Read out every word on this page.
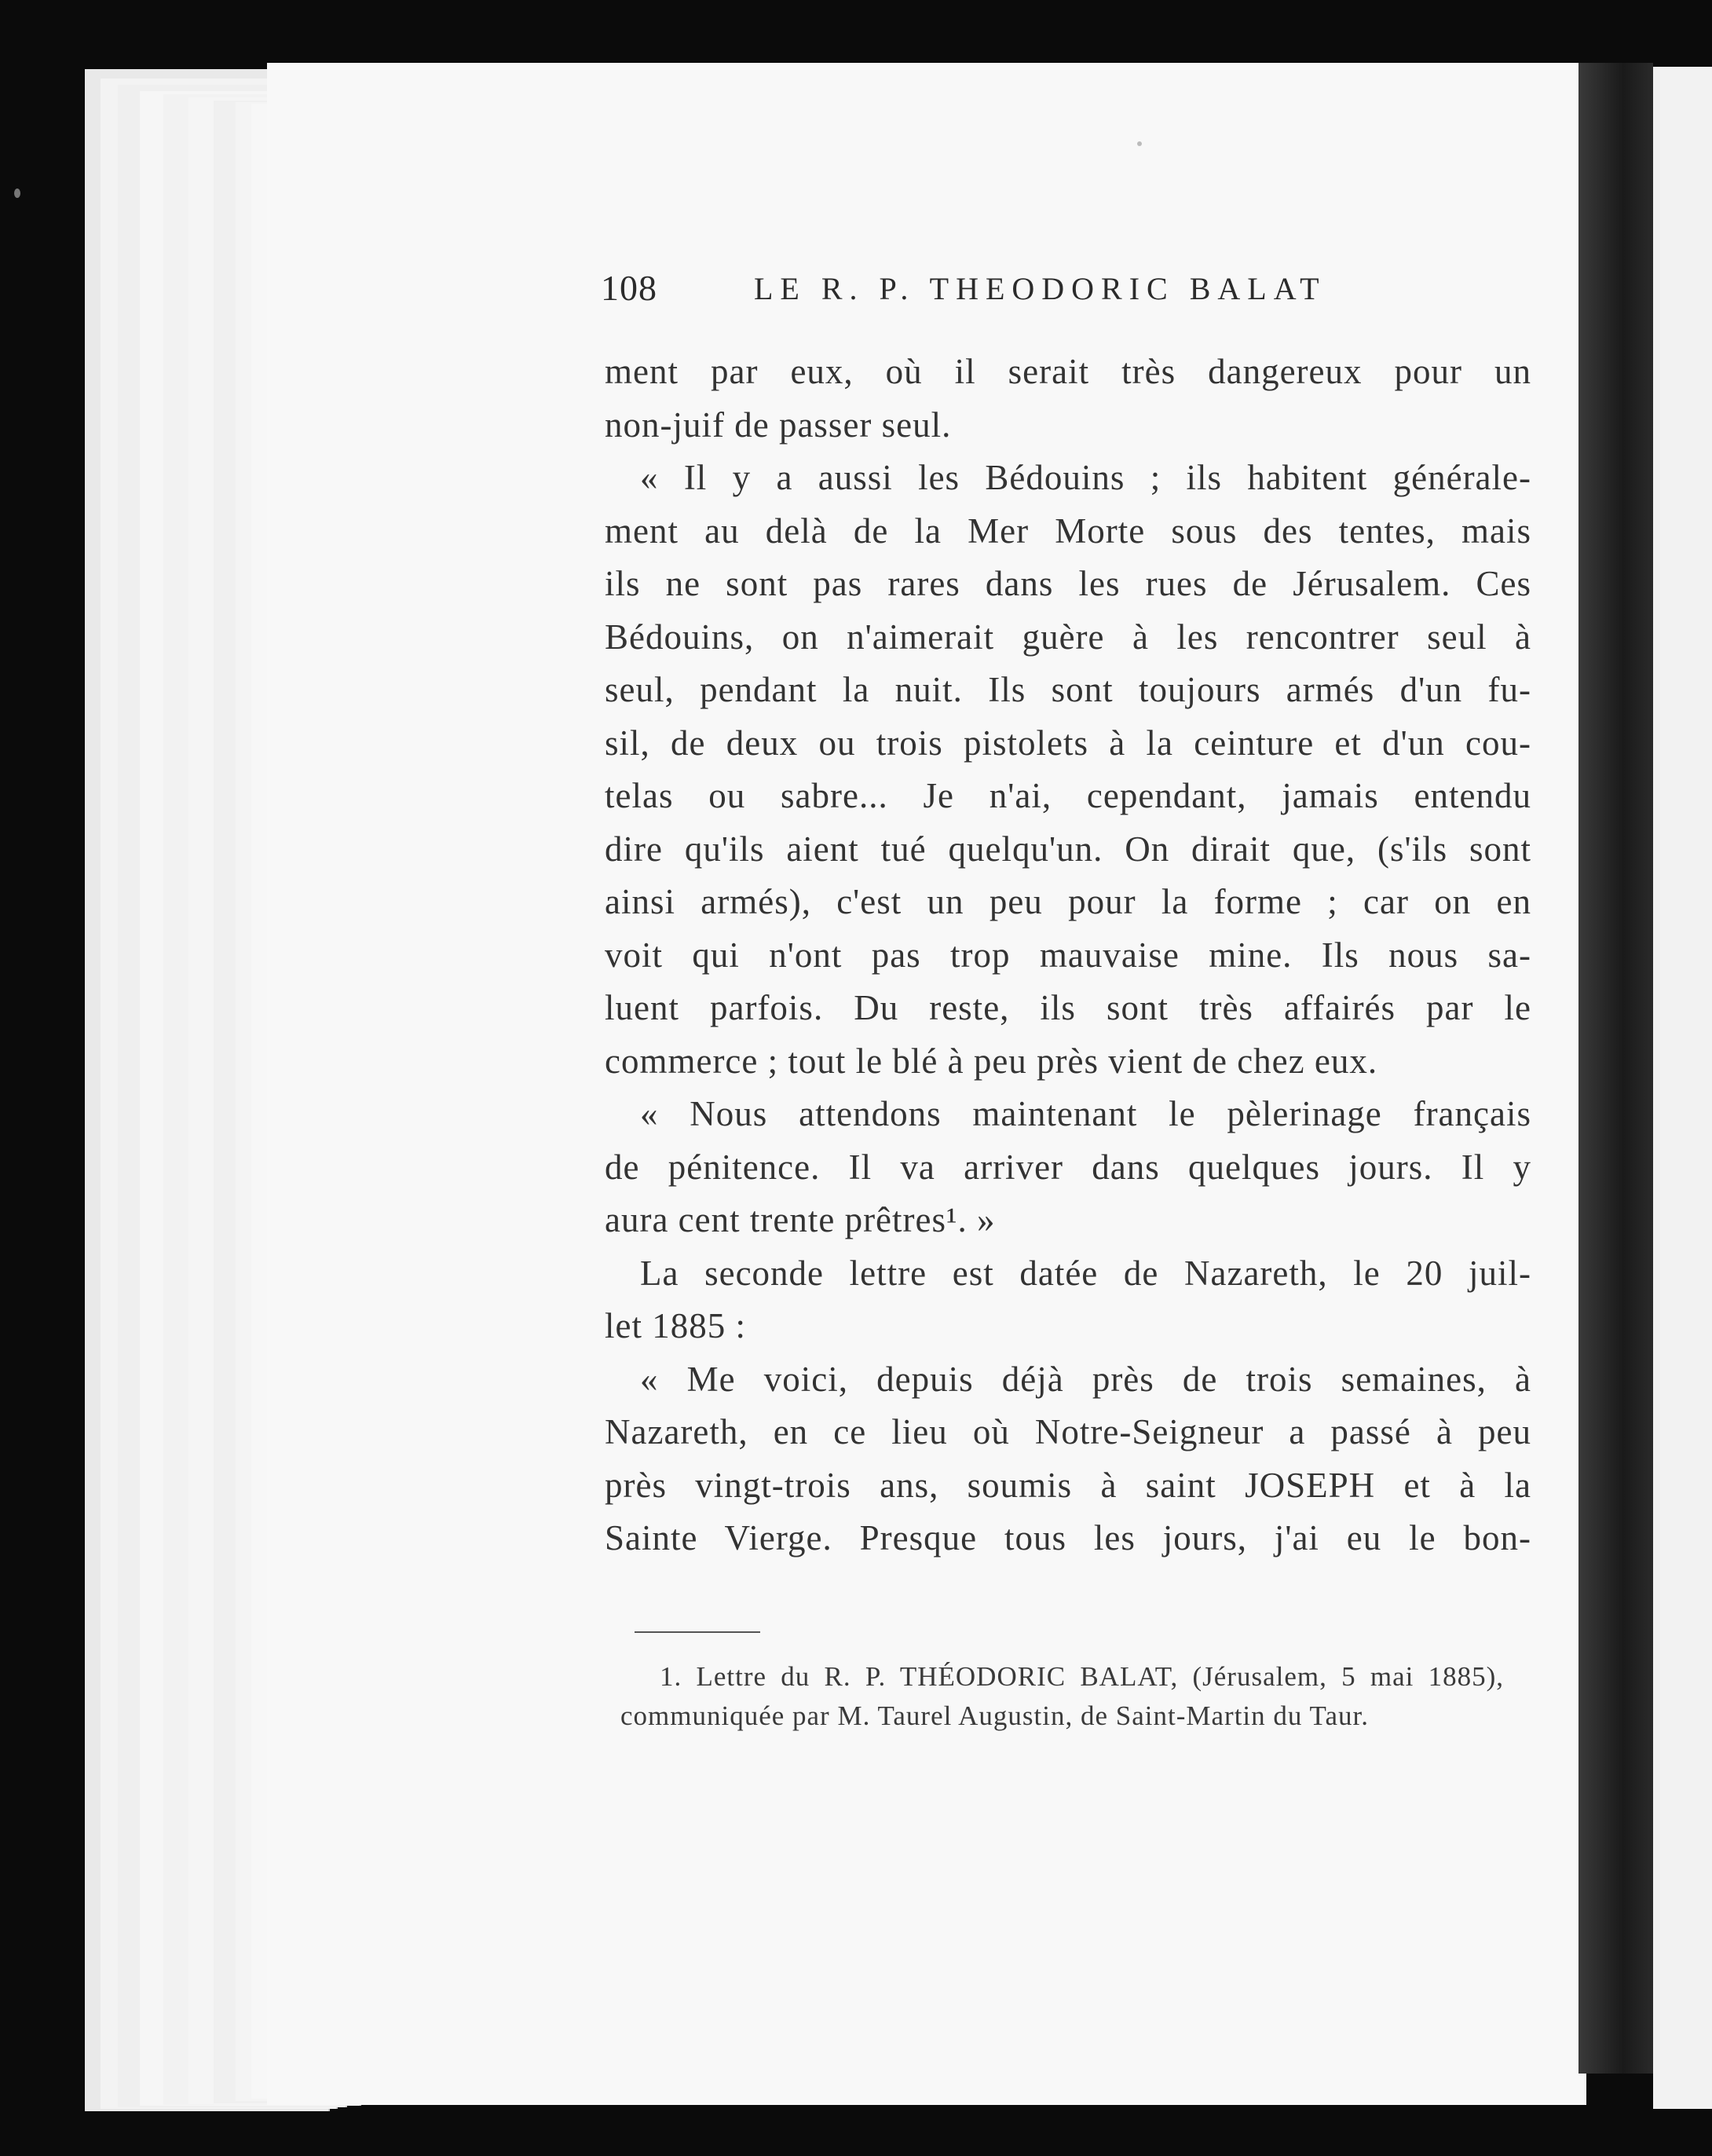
108	LE R. P. THEODORIC BALAT
ment par eux, où il serait très dangereux pour un
non-juif de passer seul.
« Il y a aussi les Bédouins ; ils habitent générale-
ment au delà de la Mer Morte sous des tentes, mais
ils ne sont pas rares dans les rues de Jérusalem. Ces
Bédouins, on n'aimerait guère à les rencontrer seul à
seul, pendant la nuit. Ils sont toujours armés d'un fu-
sil, de deux ou trois pistolets à la ceinture et d'un cou-
telas ou sabre... Je n'ai, cependant, jamais entendu
dire qu'ils aient tué quelqu'un. On dirait que, (s'ils sont
ainsi armés), c'est un peu pour la forme ; car on en
voit qui n'ont pas trop mauvaise mine. Ils nous sa-
luent parfois. Du reste, ils sont très affairés par le
commerce ; tout le blé à peu près vient de chez eux.
« Nous attendons maintenant le pèlerinage français
de pénitence. Il va arriver dans quelques jours. Il y
aura cent trente prêtres¹. »
La seconde lettre est datée de Nazareth, le 20 juil-
let 1885 :
« Me voici, depuis déjà près de trois semaines, à
Nazareth, en ce lieu où Notre-Seigneur a passé à peu
près vingt-trois ans, soumis à saint JOSEPH et à la
Sainte Vierge. Presque tous les jours, j'ai eu le bon-
1. Lettre du R. P. THÉODORIC BALAT, (Jérusalem, 5 mai 1885),
communiquée par M. Taurel Augustin, de Saint-Martin du Taur.
